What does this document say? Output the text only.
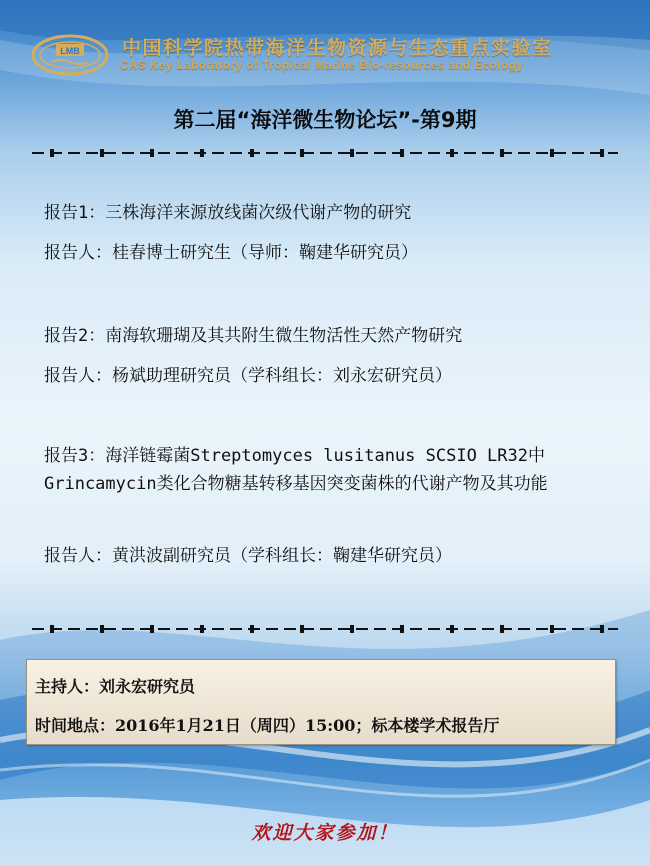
LMB 中国科学院热带海洋生物资源与生态重点实验室
CAS Key Laboratory of Tropical Marine Bio-resources and Ecology
第二届“海洋微生物论坛”-第9期
报告1：三株海洋来源放线菌次级代谢产物的研究
报告人：桂春博士研究生（导师：鞠建华研究员）
报告2：南海软珊瑚及其共附生微生物活性天然产物研究
报告人：杨斌助理研究员（学科组长：刘永宏研究员）
报告3：海洋链霉菌Streptomyces lusitanus SCSIO LR32中Grincamycin类化合物糖基转移基因突变菌株的代谢产物及其功能
报告人：黄洪波副研究员（学科组长：鞠建华研究员）
主持人：刘永宏研究员
时间地点：2016年1月21日（周四）15:00；标本楼学术报告厅
欢迎大家参加！
